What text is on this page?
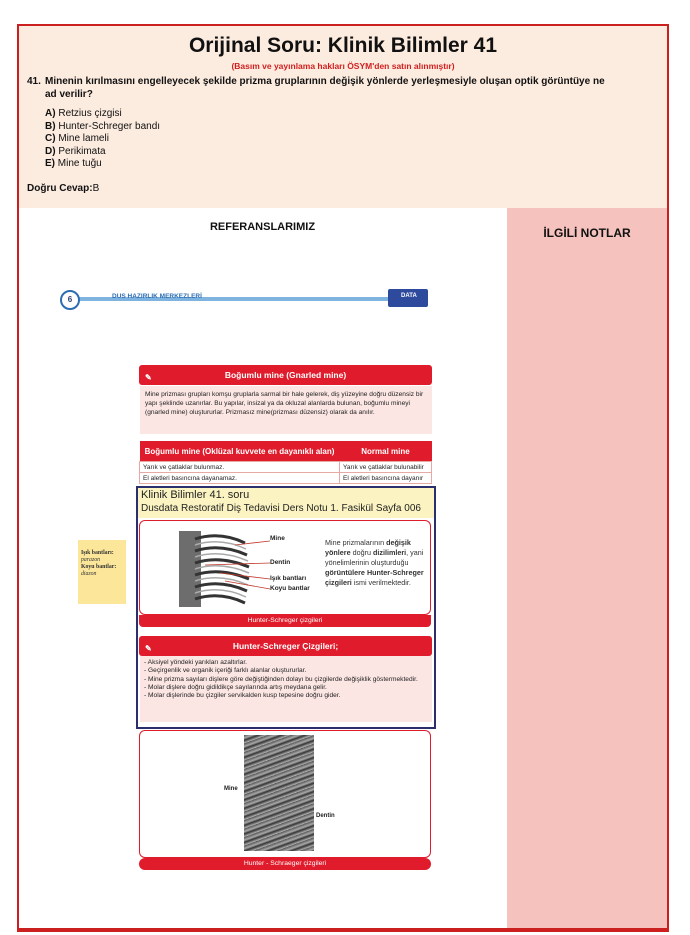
Orijinal Soru: Klinik Bilimler 41
(Basım ve yayınlama hakları ÖSYM'den satın alınmıştır)
41. Minenin kırılmasını engelleyecek şekilde prizma gruplarının değişik yönlerde yerleşmesiyle oluşan optik görüntüye ne
ad verilir?
A) Retzius çizgisi
B) Hunter-Schreger bandı
C) Mine lameli
D) Perikimata
E) Mine tuğu
Doğru Cevap:B
REFERANSLARIMIZ	İLGİLİ NOTLAR
6	DUS HAZIRLIK MERKEZLERİ	DATA
✎	Boğumlu mine (Gnarled mine)
Mine prizması grupları komşu gruplarla sarmal bir hale gelerek, diş yüzeyine doğru düzensiz bir yapı şeklinde uzanırlar. Bu yapılar, insizal ya da okluzal alanlarda bulunan, boğumlu mineyi (gnarled mine) oluştururlar. Prizmasız mine(prizması düzensiz) olarak da anılır.
Boğumlu mine (Oklüzal kuvvete en dayanıklı alan)	Normal mine
Yarık ve çatlaklar bulunmaz.	Yarık ve çatlaklar bulunabilir
El aletleri basıncına dayanamaz.	El aletleri basıncına dayanır
Işık bantları:
parazon
Koyu bantlar:
diazon
Klinik Bilimler 41. soru
Dusdata Restoratif Diş Tedavisi Ders Notu 1. Fasikül Sayfa 006
Mine
Dentin
Işık bantları
Koyu bantlar
Mine prizmalarının değişik yönlere doğru dizilimleri, yani yönelimlerinin oluşturduğu görüntülere Hunter-Schreger çizgileri ismi verilmektedir.
Hunter-Schreger çizgileri
✎	Hunter-Schreger Çizgileri;
- Aksiyel yöndeki yarıkları azaltırlar.
- Geçirgenlik ve organik içeriği farklı alanlar oluştururlar.
- Mine prizma sayıları dişlere göre değiştiğinden dolayı bu çizgilerde değişiklik göstermektedir.
- Molar dişlere doğru gidildikçe sayılarında artış meydana gelir.
- Molar dişlerinde bu çizgiler servikalden kusp tepesine doğru gider.
Mine
Dentin
Hunter - Schraeger çizgileri
